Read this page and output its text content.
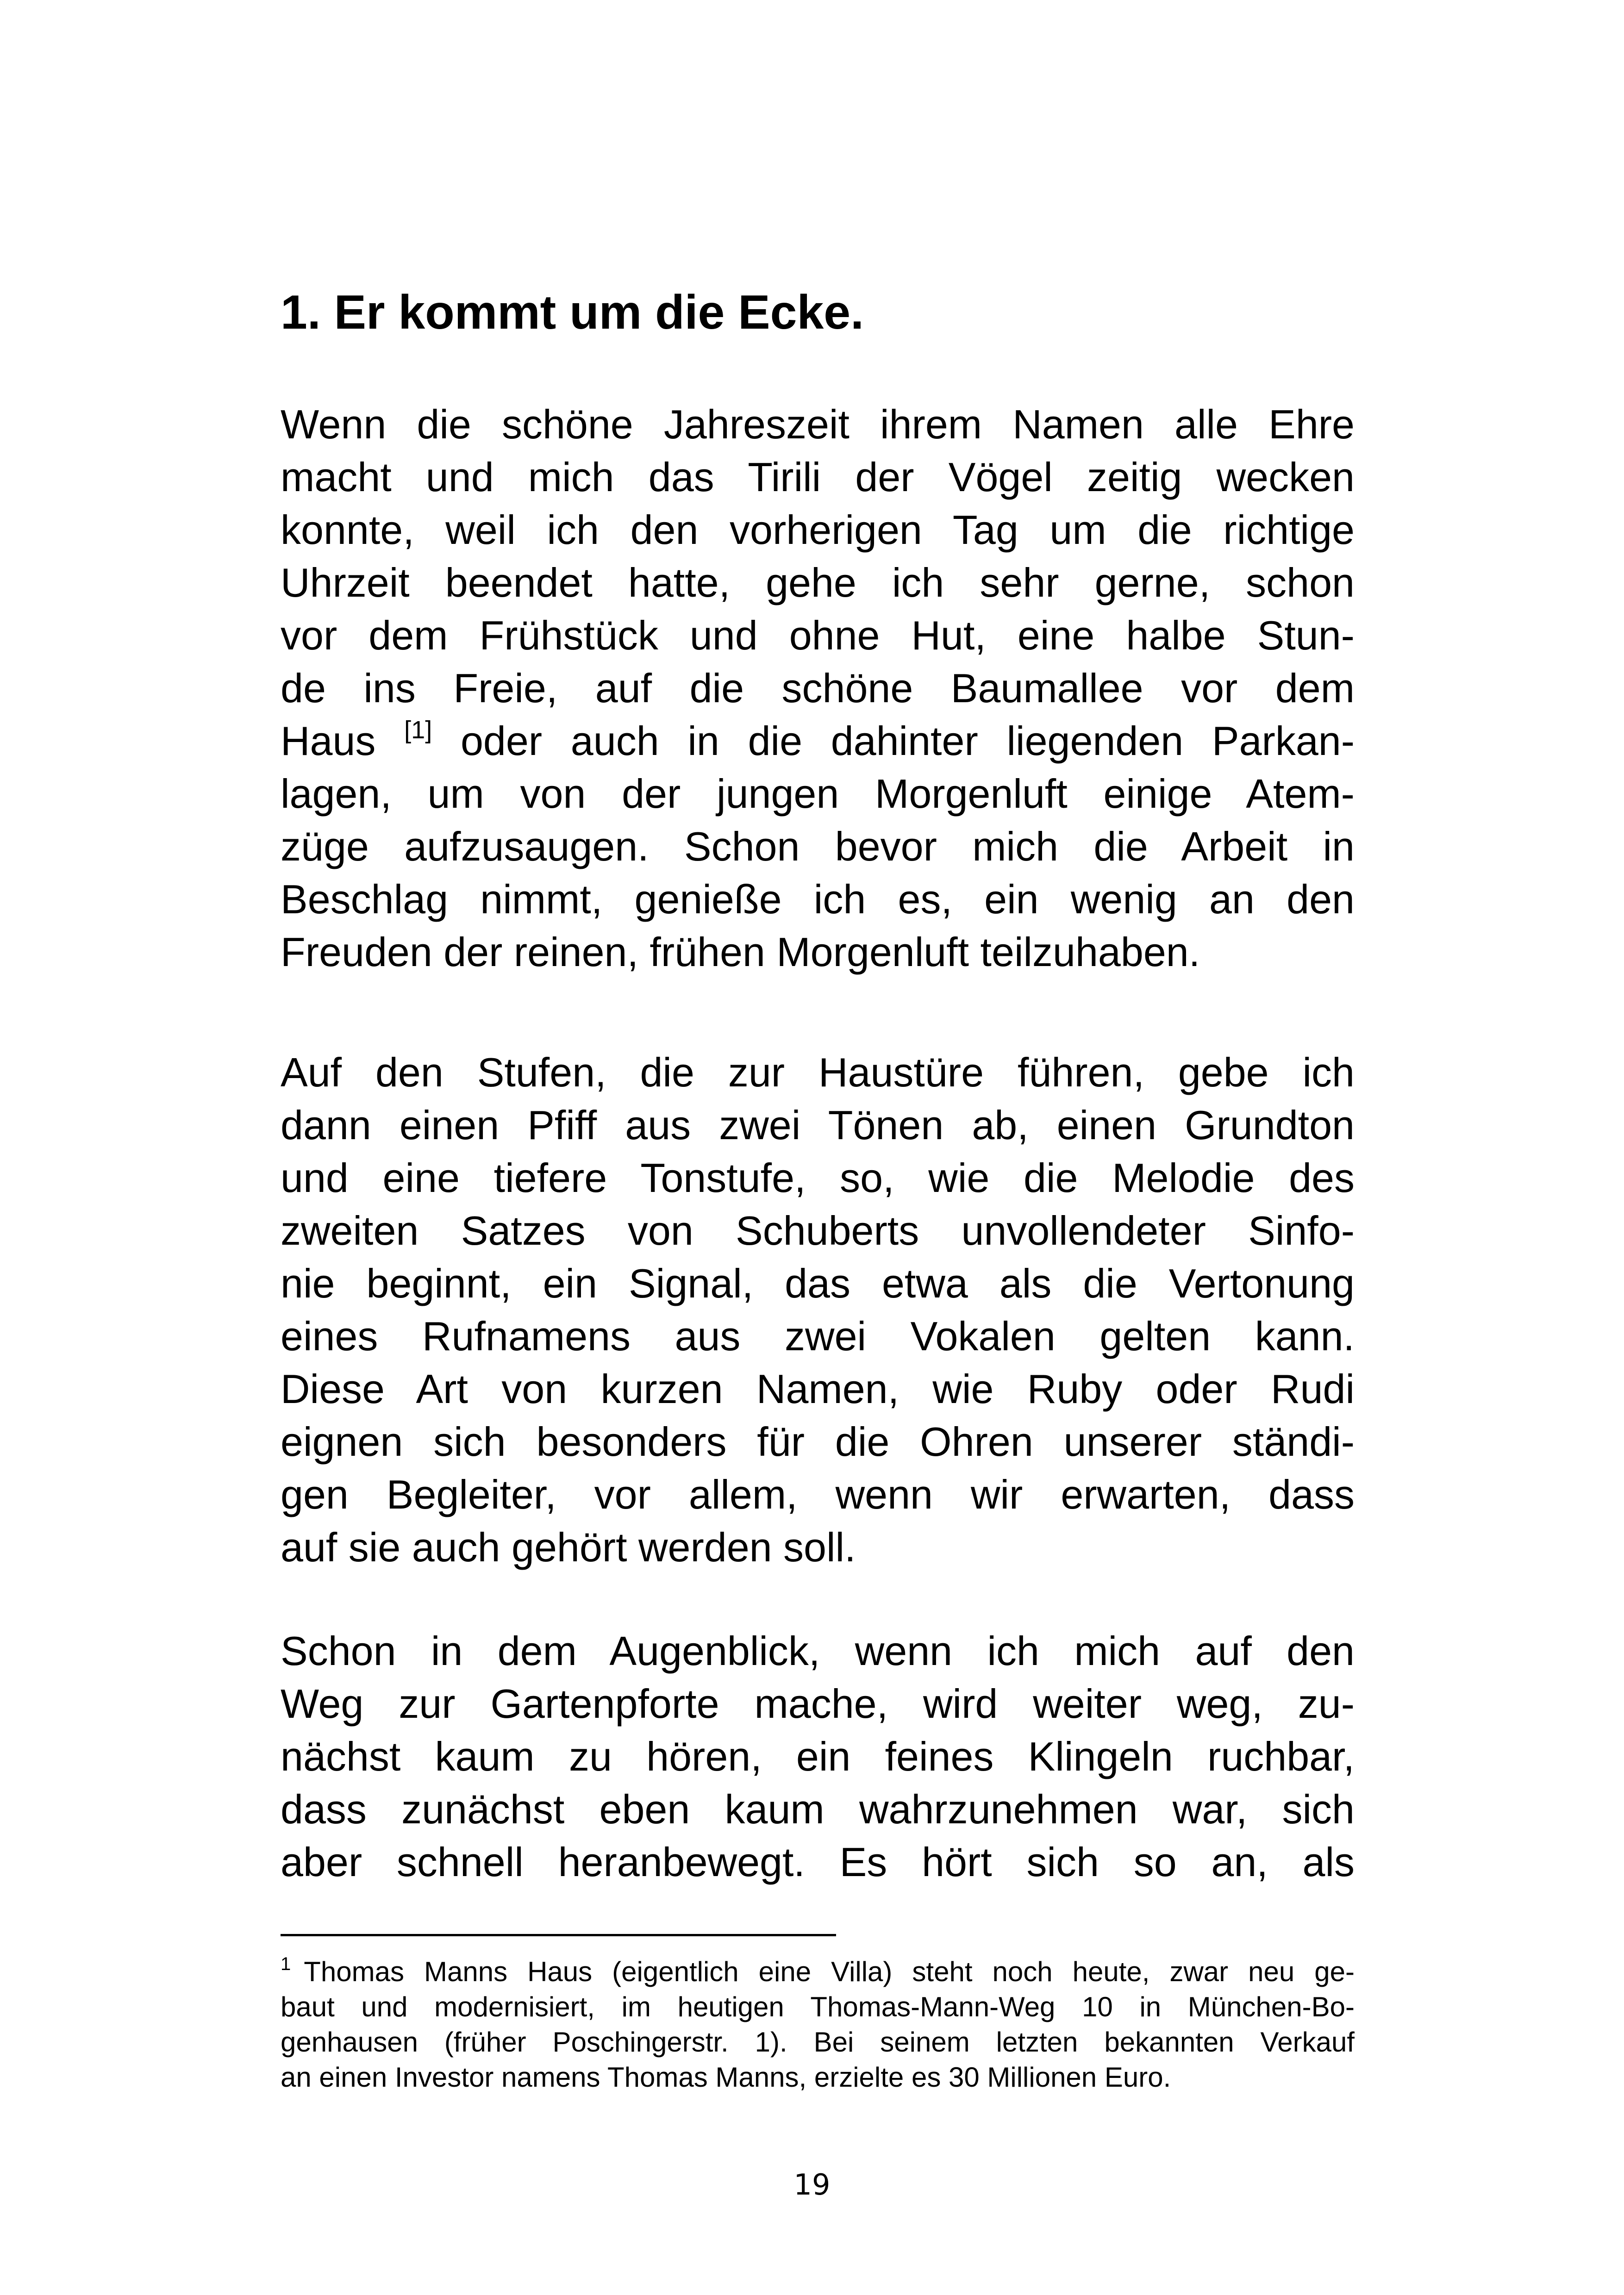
1. Er kommt um die Ecke.
Wenn die schöne Jahreszeit ihrem Namen alle Ehre
macht und mich das Tirili der Vögel zeitig wecken
konnte, weil ich den vorherigen Tag um die richtige
Uhrzeit beendet hatte, gehe ich sehr gerne, schon
vor dem Frühstück und ohne Hut, eine halbe Stun-
de ins Freie, auf die schöne Baumallee vor dem
Haus [1] oder auch in die dahinter liegenden Parkan-
lagen, um von der jungen Morgenluft einige Atem-
züge aufzusaugen. Schon bevor mich die Arbeit in
Beschlag nimmt, genieße ich es, ein wenig an den
Freuden der reinen, frühen Morgenluft teilzuhaben.
Auf den Stufen, die zur Haustüre führen, gebe ich
dann einen Pfiff aus zwei Tönen ab, einen Grundton
und eine tiefere Tonstufe, so, wie die Melodie des
zweiten Satzes von Schuberts unvollendeter Sinfo-
nie beginnt, ein Signal, das etwa als die Vertonung
eines Rufnamens aus zwei Vokalen gelten kann.
Diese Art von kurzen Namen, wie Ruby oder Rudi
eignen sich besonders für die Ohren unserer ständi-
gen Begleiter, vor allem, wenn wir erwarten, dass
auf sie auch gehört werden soll.
Schon in dem Augenblick, wenn ich mich auf den
Weg zur Gartenpforte mache, wird weiter weg, zu-
nächst kaum zu hören, ein feines Klingeln ruchbar,
dass zunächst eben kaum wahrzunehmen war, sich
aber schnell heranbewegt. Es hört sich so an, als
$^1$ Thomas Manns Haus (eigentlich eine Villa) steht noch heute, zwar neu ge-
baut und modernisiert, im heutigen Thomas-Mann-Weg 10 in München-Bo-
genhausen (früher Poschingerstr. 1). Bei seinem letzten bekannten Verkauf
an einen Investor namens Thomas Manns, erzielte es 30 Millionen Euro.
19
